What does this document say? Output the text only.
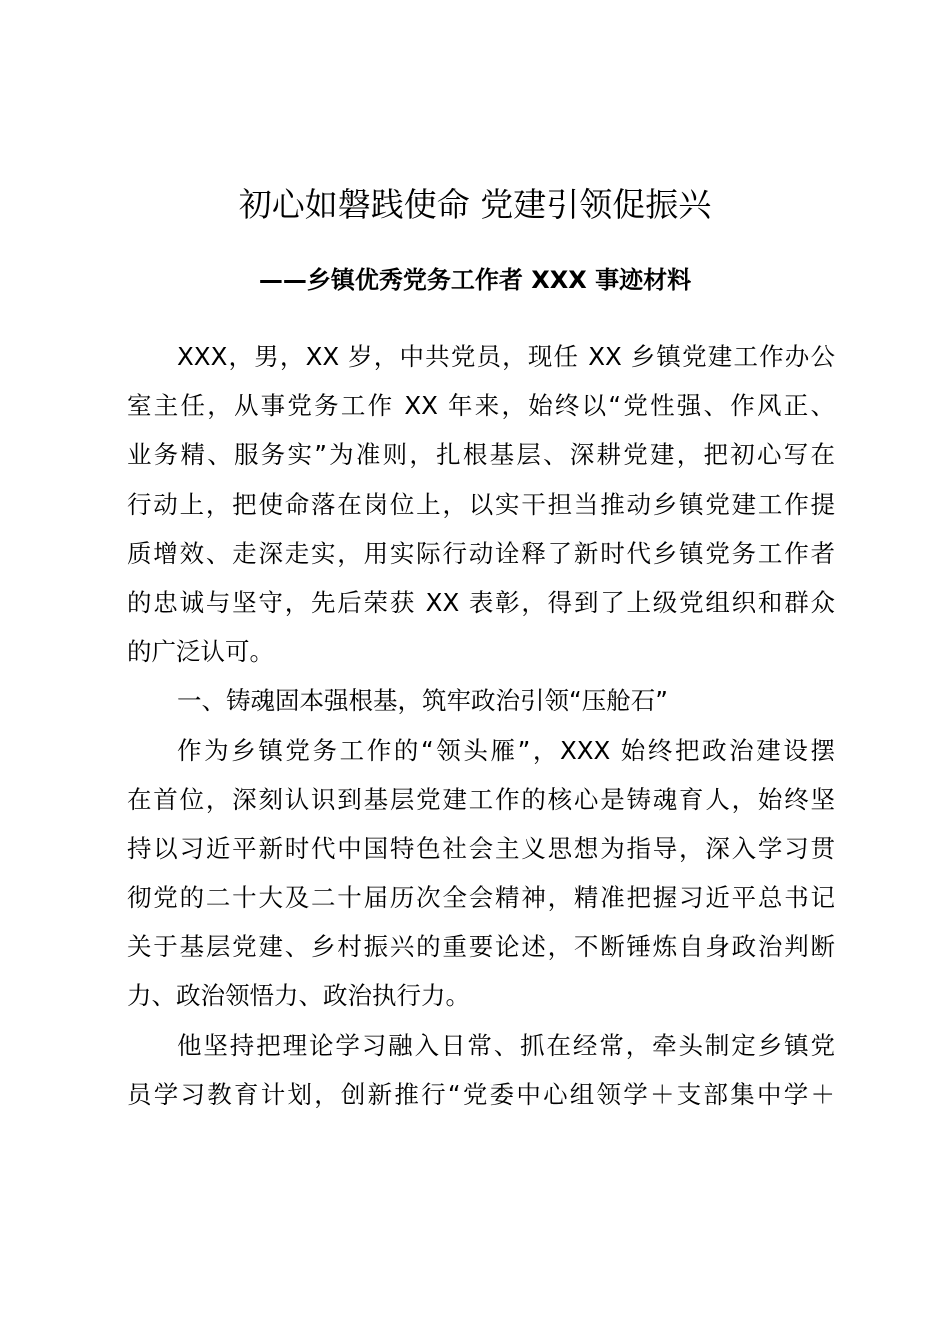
初心如磐践使命 党建引领促振兴
——乡镇优秀党务工作者 XXX 事迹材料
XXX，男，XX 岁，中共党员，现任 XX 乡镇党建工作办公
室主任，从事党务工作 XX 年来，始终以“党性强、作风正、
业务精、服务实”为准则，扎根基层、深耕党建，把初心写在
行动上，把使命落在岗位上，以实干担当推动乡镇党建工作提
质增效、走深走实，用实际行动诠释了新时代乡镇党务工作者
的忠诚与坚守，先后荣获 XX 表彰，得到了上级党组织和群众
的广泛认可。
一、铸魂固本强根基，筑牢政治引领“压舱石”
作为乡镇党务工作的“领头雁”，XXX 始终把政治建设摆
在首位，深刻认识到基层党建工作的核心是铸魂育人，始终坚
持以习近平新时代中国特色社会主义思想为指导，深入学习贯
彻党的二十大及二十届历次全会精神，精准把握习近平总书记
关于基层党建、乡村振兴的重要论述，不断锤炼自身政治判断
力、政治领悟力、政治执行力。
他坚持把理论学习融入日常、抓在经常，牵头制定乡镇党
员学习教育计划，创新推行“党委中心组领学＋支部集中学＋
